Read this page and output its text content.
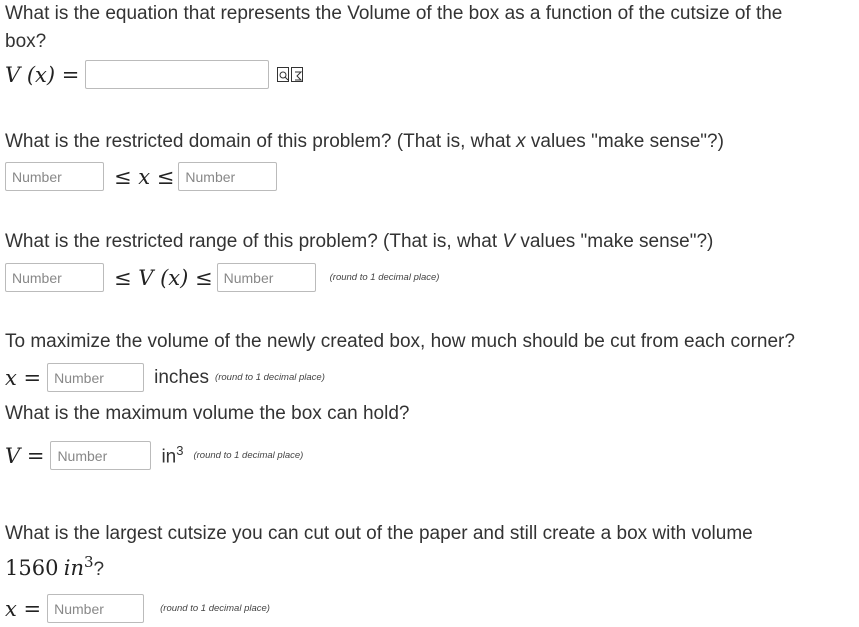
What is the equation that represents the Volume of the box as a function of the cutsize of the
box?
V (x) =
What is the restricted domain of this problem? (That is, what x values "make sense"?)
Number
≤ x ≤
Number
What is the restricted range of this problem? (That is, what V values "make sense"?)
Number
≤ V (x) ≤
Number	(round to 1 decimal place)
To maximize the volume of the newly created box, how much should be cut from each corner?
x =
Number	inches (round to 1 decimal place)
What is the maximum volume the box can hold?
V =
Number	$in^3$ (round to 1 decimal place)
What is the largest cutsize you can cut out of the paper and still create a box with volume
1560 $in^3$?
x =
Number	(round to 1 decimal place)
